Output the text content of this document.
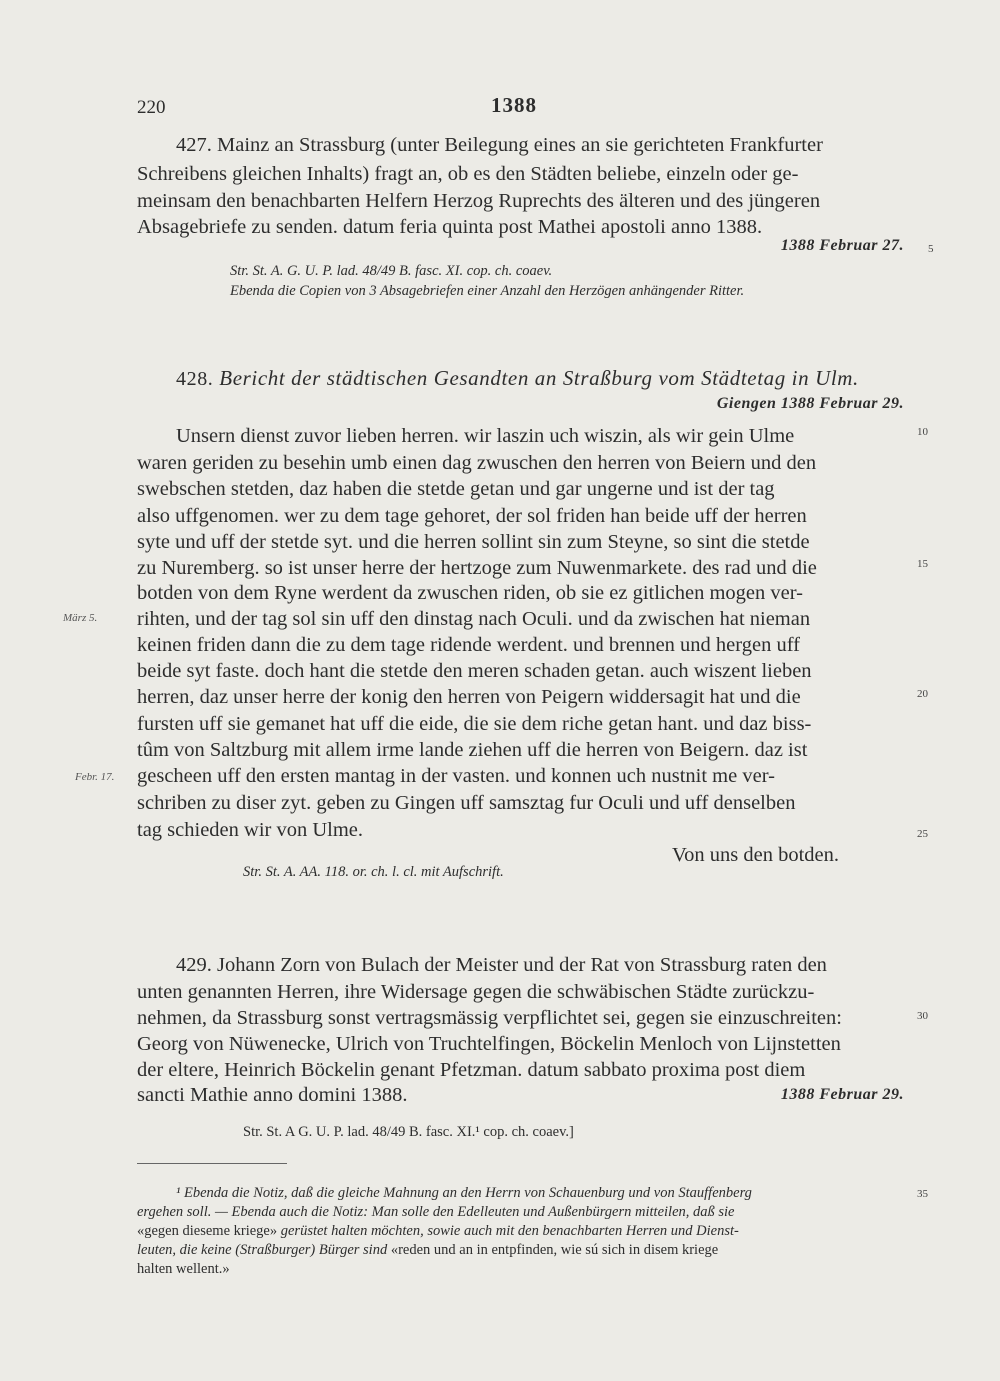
220	1388
427. Mainz an Strassburg (unter Beilegung eines an sie gerichteten Frankfurter
Schreibens gleichen Inhalts) fragt an, ob es den Städten beliebe, einzeln oder ge-
meinsam den benachbarten Helfern Herzog Ruprechts des älteren und des jüngeren
Absagebriefe zu senden. datum feria quinta post Mathei apostoli anno 1388.
1388 Februar 27.
Str. St. A. G. U. P. lad. 48/49 B. fasc. XI. cop. ch. coaev.
Ebenda die Copien von 3 Absagebriefen einer Anzahl den Herzögen anhängender Ritter.
428. Bericht der städtischen Gesandten an Straßburg vom Städtetag in Ulm.
Giengen 1388 Februar 29.
Unsern dienst zuvor lieben herren. wir laszin uch wiszin, als wir gein Ulme
waren geriden zu besehin umb einen dag zwuschen den herren von Beiern und den
swebschen stetden, daz haben die stetde getan und gar ungerne und ist der tag
also uffgenomen. wer zu dem tage gehoret, der sol friden han beide uff der herren
syte und uff der stetde syt. und die herren sollint sin zum Steyne, so sint die stetde
zu Nuremberg. so ist unser herre der hertzoge zum Nuwenmarkete. des rad und die
botden von dem Ryne werdent da zwuschen riden, ob sie ez gitlichen mogen ver-
rihten, und der tag sol sin uff den dinstag nach Oculi. und da zwischen hat nieman
keinen friden dann die zu dem tage ridende werdent. und brennen und hergen uff
beide syt faste. doch hant die stetde den meren schaden getan. auch wiszent lieben
herren, daz unser herre der konig den herren von Peigern widdersagit hat und die
fursten uff sie gemanet hat uff die eide, die sie dem riche getan hant. und daz biss-
tûm von Saltzburg mit allem irme lande ziehen uff die herren von Beigern. daz ist
gescheen uff den ersten mantag in der vasten. und konnen uch nustnit me ver-
schriben zu diser zyt. geben zu Gingen uff samsztag fur Oculi und uff denselben
tag schieden wir von Ulme.
Von uns den botden.
Str. St. A. AA. 118. or. ch. l. cl. mit Aufschrift.
März 5.
Febr. 17.
429. Johann Zorn von Bulach der Meister und der Rat von Strassburg raten den
unten genannten Herren, ihre Widersage gegen die schwäbischen Städte zurückzu-
nehmen, da Strassburg sonst vertragsmässig verpflichtet sei, gegen sie einzuschreiten:
Georg von Nüwenecke, Ulrich von Truchtelfingen, Böckelin Menloch von Lijnstetten
der eltere, Heinrich Böckelin genant Pfetzman. datum sabbato proxima post diem
sancti Mathie anno domini 1388.	1388 Februar 29.
Str. St. A G. U. P. lad. 48/49 B. fasc. XI.¹ cop. ch. coaev.]
5
10
15
20
25
30
35
¹ Ebenda die Notiz, daß die gleiche Mahnung an den Herrn von Schauenburg und von Stauffenberg
ergehen soll. — Ebenda auch die Notiz: Man solle den Edelleuten und Außenbürgern mitteilen, daß sie
«gegen dieseme kriege» gerüstet halten möchten, sowie auch mit den benachbarten Herren und Dienst-
leuten, die keine (Straßburger) Bürger sind «reden und an in entpfinden, wie sú sich in disem kriege
halten wellent.»
